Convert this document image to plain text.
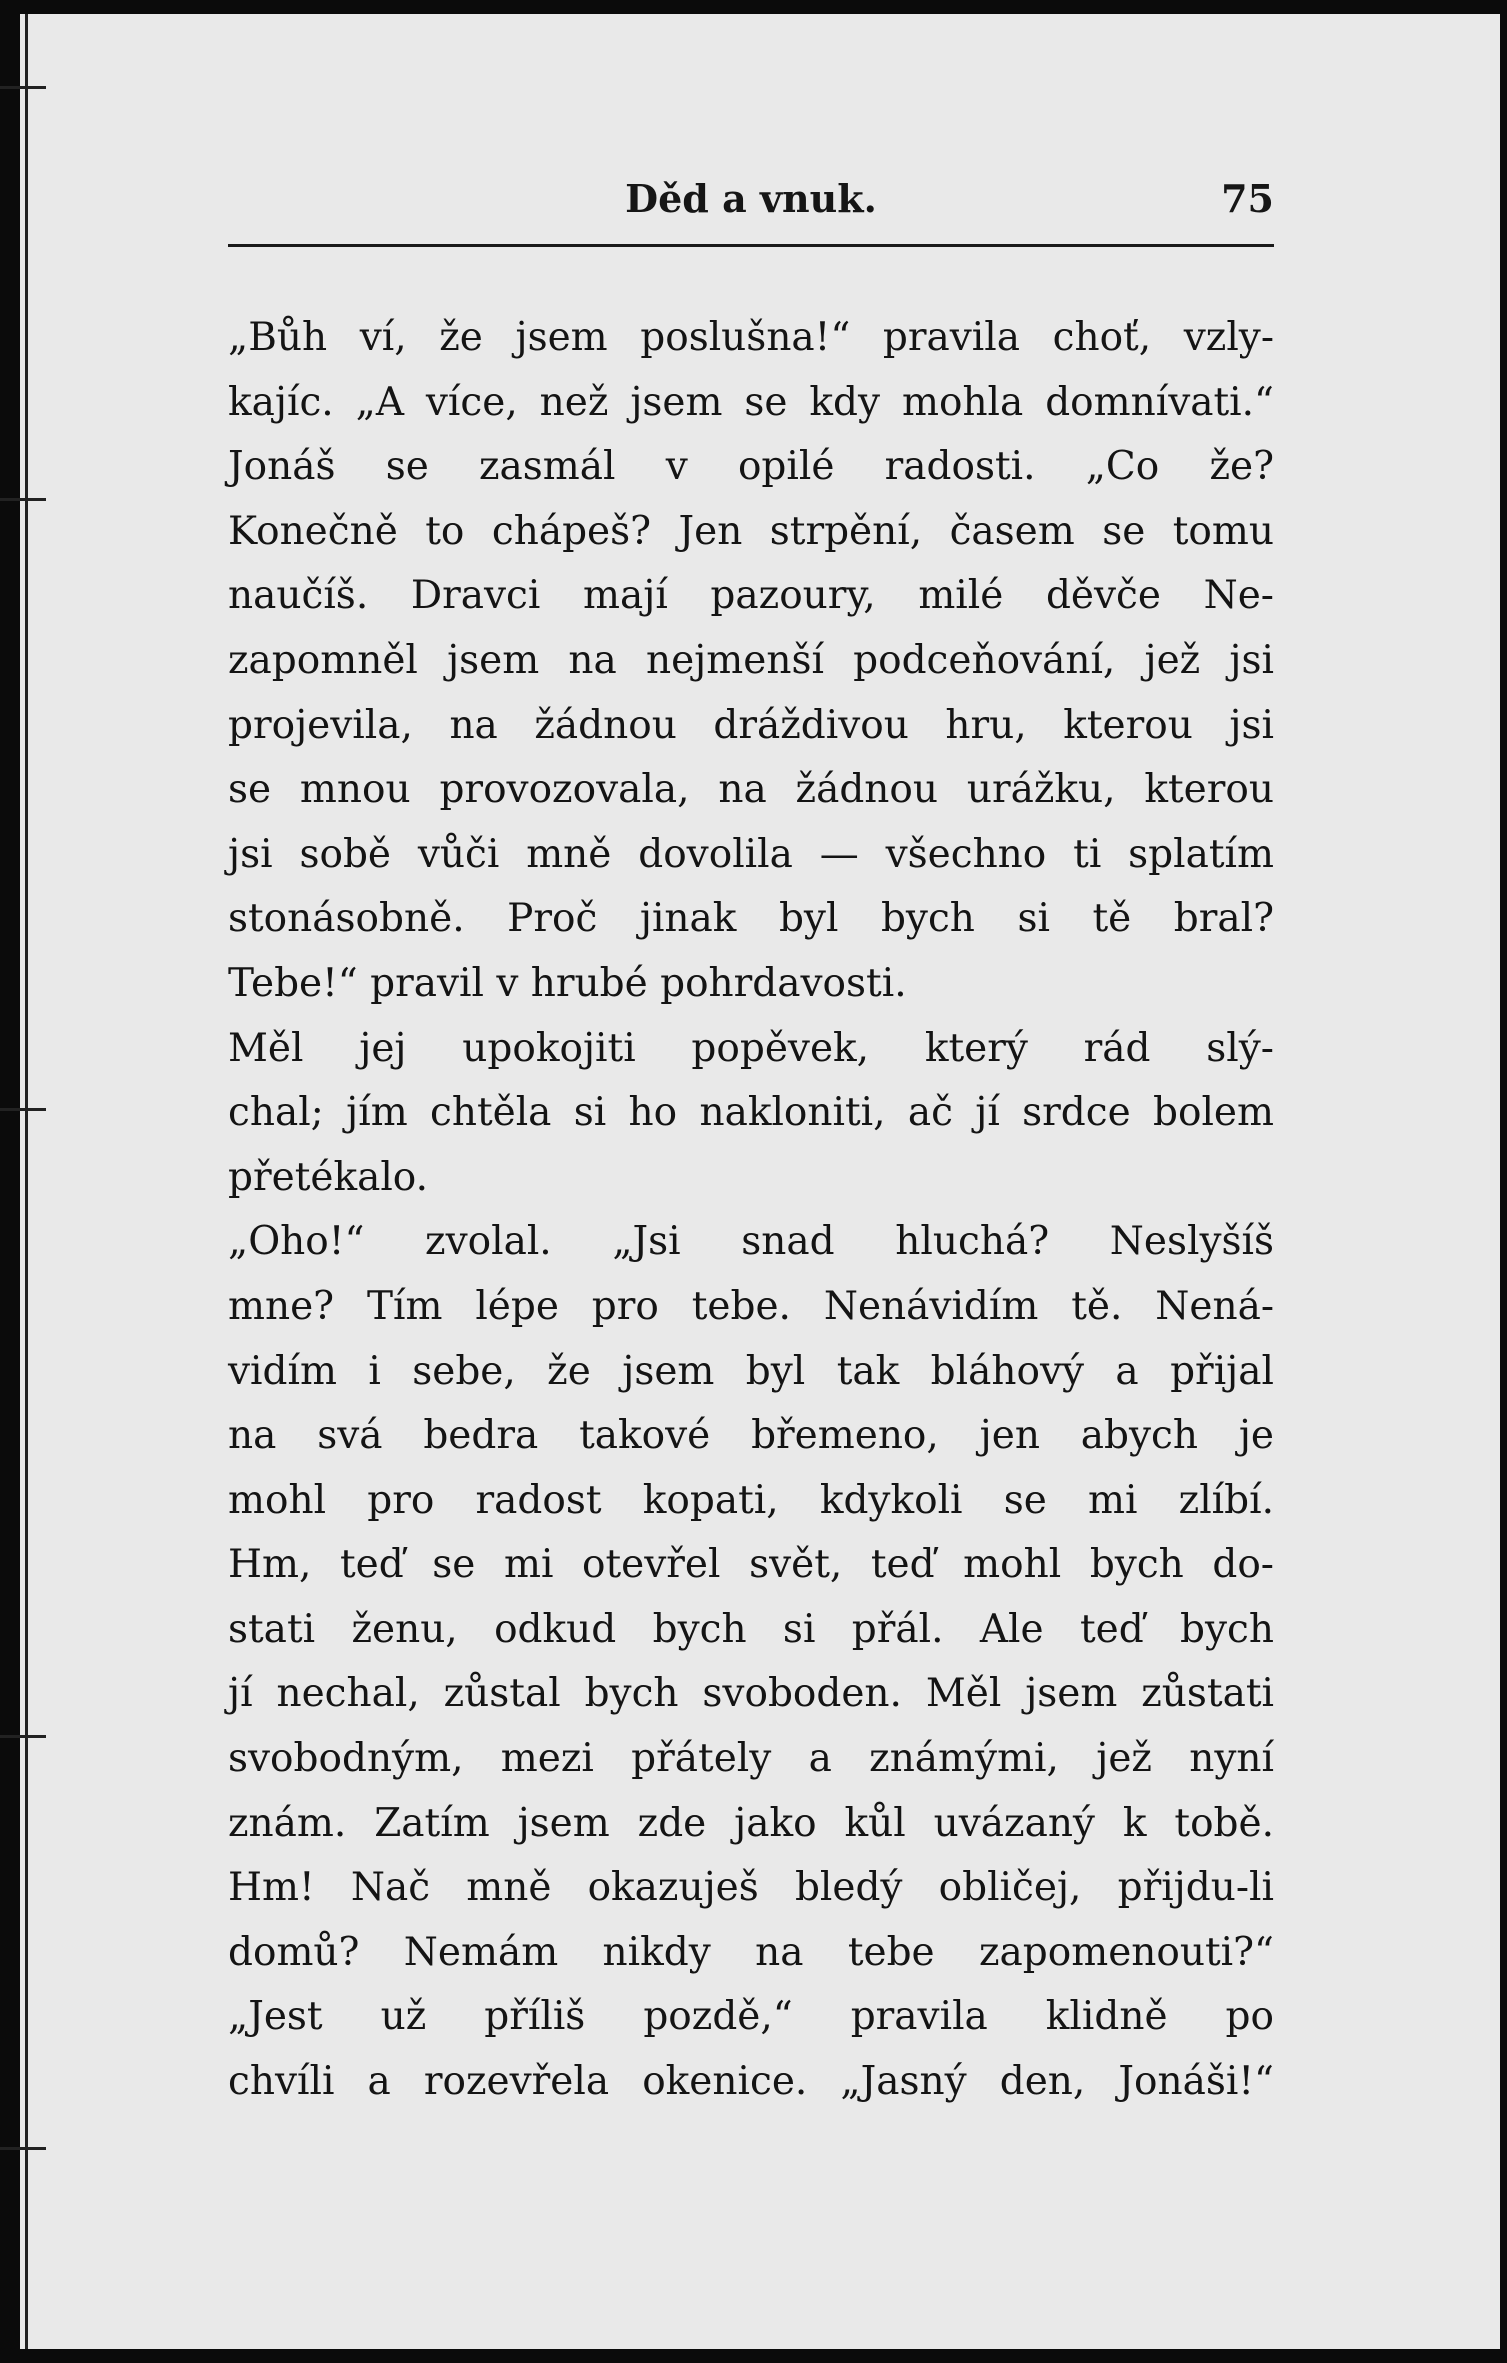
Děd a vnuk.	75
„Bůh ví, že jsem poslušna!“ pravila choť, vzly-
kajíc. „A více, než jsem se kdy mohla domnívati.“
Jonáš se zasmál v opilé radosti. „Co že?
Konečně to chápeš? Jen strpění, časem se tomu
naučíš. Dravci mají pazoury, milé děvče Ne-
zapomněl jsem na nejmenší podceňování, jež jsi
projevila, na žádnou dráždivou hru, kterou jsi
se mnou provozovala, na žádnou urážku, kterou
jsi sobě vůči mně dovolila — všechno ti splatím
stonásobně. Proč jinak byl bych si tě bral?
Tebe!“ pravil v hrubé pohrdavosti.
Měl jej upokojiti popěvek, který rád slý-
chal; jím chtěla si ho nakloniti, ač jí srdce bolem
přetékalo.
„Oho!“ zvolal. „Jsi snad hluchá? Neslyšíš
mne? Tím lépe pro tebe. Nenávidím tě. Nená-
vidím i sebe, že jsem byl tak bláhový a přijal
na svá bedra takové břemeno, jen abych je
mohl pro radost kopati, kdykoli se mi zlíbí.
Hm, teď se mi otevřel svět, teď mohl bych do-
stati ženu, odkud bych si přál. Ale teď bych
jí nechal, zůstal bych svoboden. Měl jsem zůstati
svobodným, mezi přátely a známými, jež nyní
znám. Zatím jsem zde jako kůl uvázaný k tobě.
Hm! Nač mně okazuješ bledý obličej, přijdu-li
domů? Nemám nikdy na tebe zapomenouti?“
„Jest už příliš pozdě,“ pravila klidně po
chvíli a rozevřela okenice. „Jasný den, Jonáši!“
